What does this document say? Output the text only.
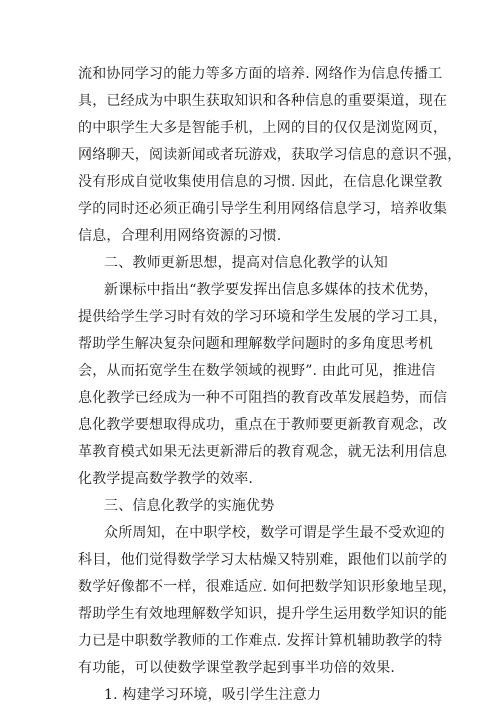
流和协同学习的能力等多方面的培养. 网络作为信息传播工
具，已经成为中职生获取知识和各种信息的重要渠道，现在
的中职学生大多是智能手机，上网的目的仅仅是浏览网页，
网络聊天，阅读新闻或者玩游戏，获取学习信息的意识不强，
没有形成自觉收集使用信息的习惯. 因此，在信息化课堂教
学的同时还必须正确引导学生利用网络信息学习，培养收集
信息，合理利用网络资源的习惯.
二、教师更新思想，提高对信息化教学的认知
新课标中指出“教学要发挥出信息多媒体的技术优势，
提供给学生学习时有效的学习环境和学生发展的学习工具，
帮助学生解决复杂问题和理解数学问题时的多角度思考机
会，从而拓宽学生在数学领域的视野”. 由此可见，推进信
息化教学已经成为一种不可阻挡的教育改革发展趋势，而信
息化教学要想取得成功，重点在于教师要更新教育观念，改
革教育模式如果无法更新滞后的教育观念，就无法利用信息
化教学提高数学教学的效率.
三、信息化教学的实施优势
众所周知，在中职学校，数学可谓是学生最不受欢迎的
科目，他们觉得数学学习太枯燥又特别难，跟他们以前学的
数学好像都不一样，很难适应. 如何把数学知识形象地呈现，
帮助学生有效地理解数学知识，提升学生运用数学知识的能
力已是中职数学教师的工作难点. 发挥计算机辅助教学的特
有功能，可以使数学课堂教学起到事半功倍的效果.
1. 构建学习环境，吸引学生注意力
